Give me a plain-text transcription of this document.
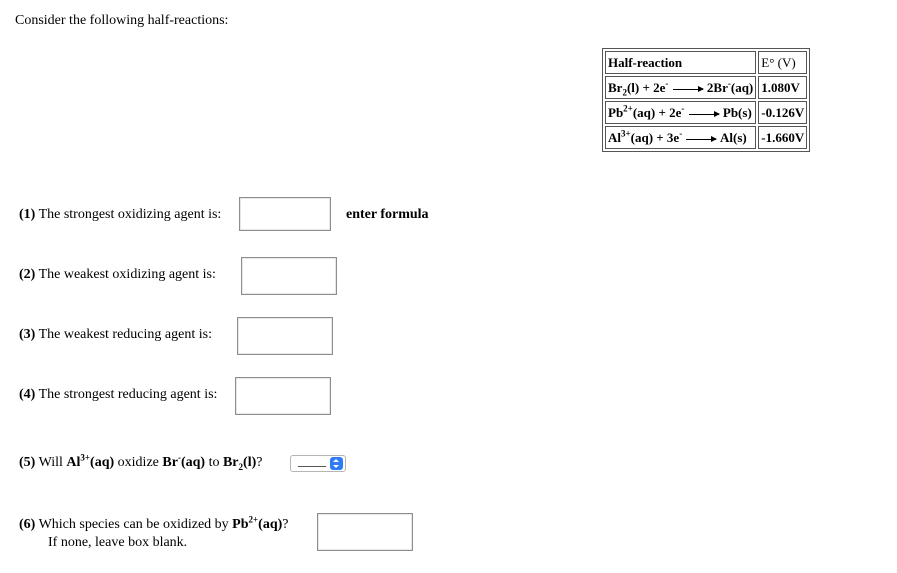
Consider the following half-reactions:
Half-reaction	E° (V)
$Br_2(l) + 2e^- \to 2Br^-(aq)$	1.080V
$Pb^{2+}(aq) + 2e^- \to Pb(s)$	-0.126V
$Al^{3+}(aq) + 3e^- \to Al(s)$	-1.660V
(1) The strongest oxidizing agent is:	enter formula
(2) The weakest oxidizing agent is:
(3) The weakest reducing agent is:
(4) The strongest reducing agent is:
(5) Will $Al^{3+}(aq)$ oxidize Br-(aq) to $Br_2(l)$?
(6) Which species can be oxidized by $Pb^{2+}(aq)$?
If none, leave box blank.
